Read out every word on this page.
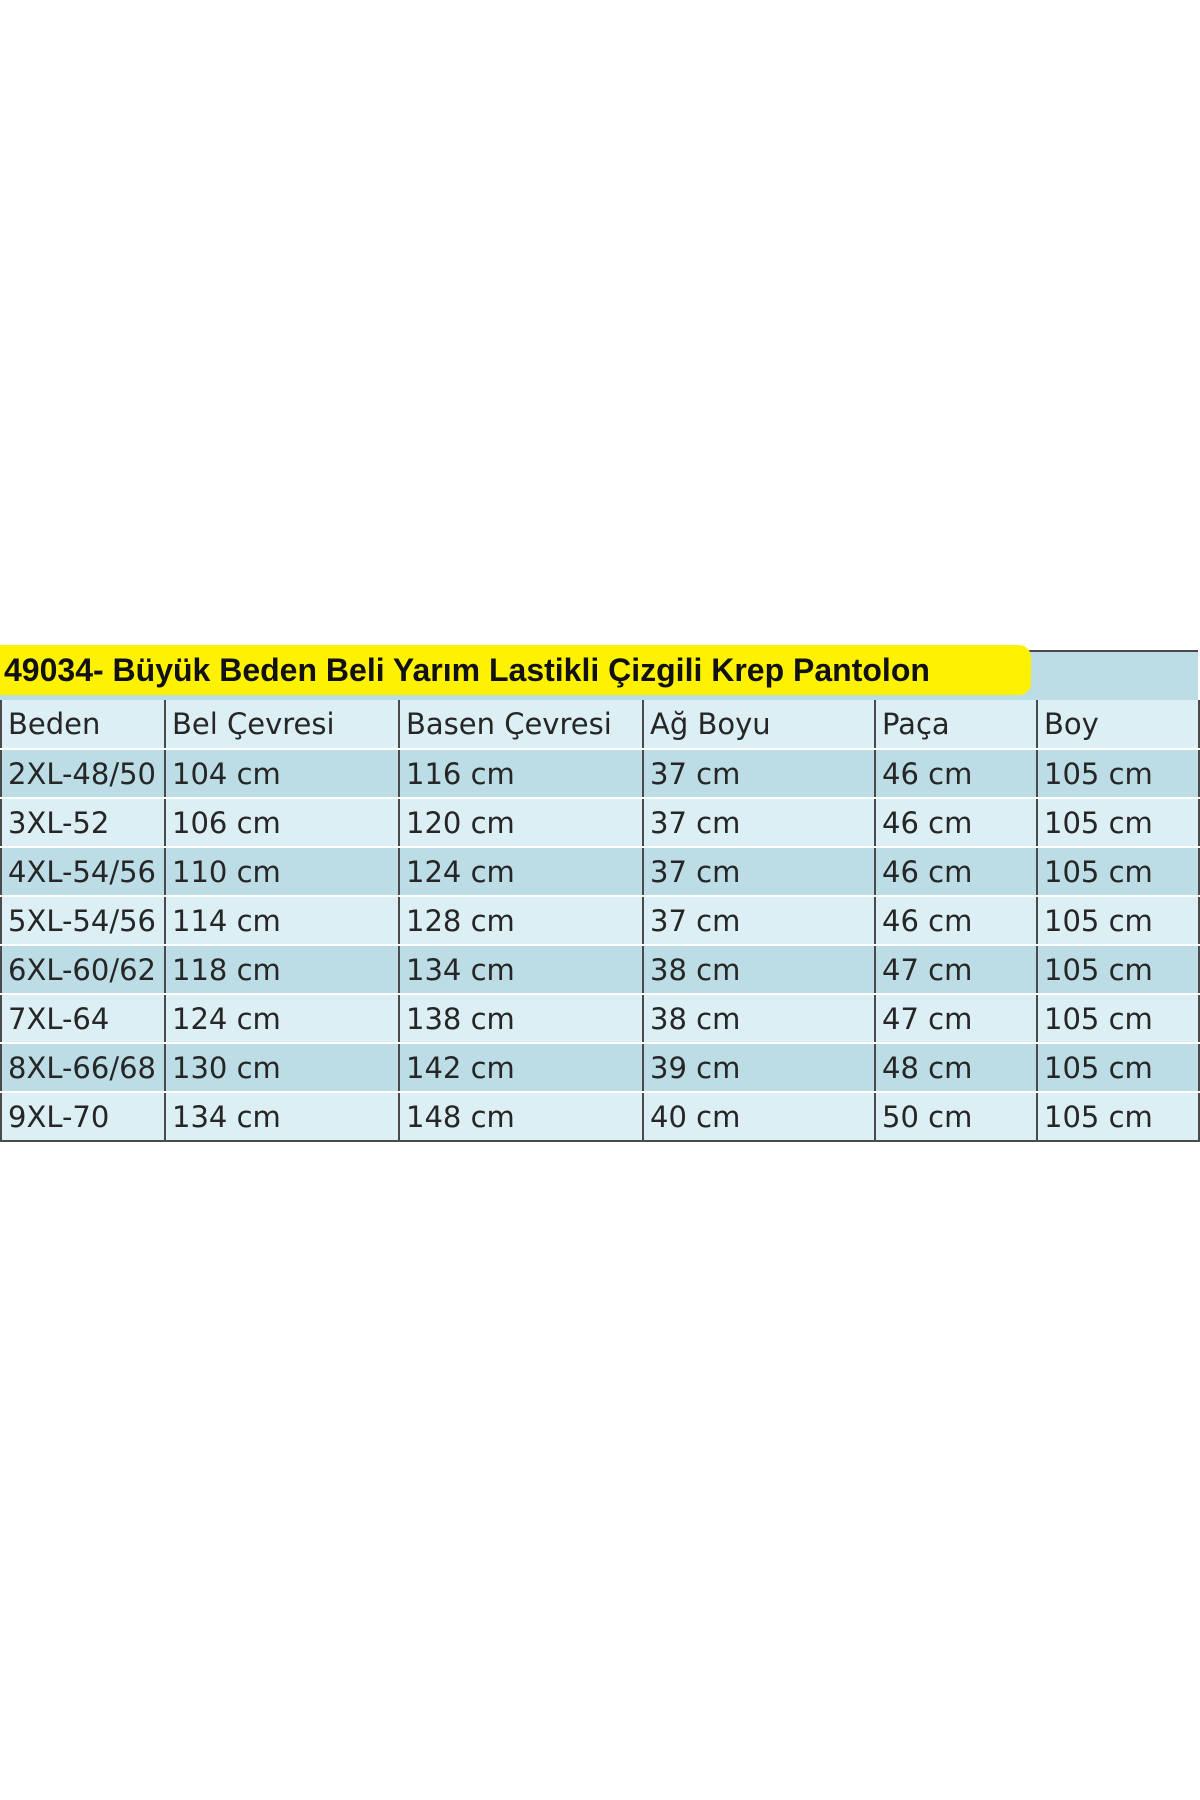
49034- Büyük Beden Beli Yarım Lastikli Çizgili Krep Pantolon
Beden	Bel Çevresi	Basen Çevresi	Ağ Boyu	Paça	Boy
2XL-48/50	104 cm	116 cm	37 cm	46 cm	105 cm
3XL-52	106 cm	120 cm	37 cm	46 cm	105 cm
4XL-54/56	110 cm	124 cm	37 cm	46 cm	105 cm
5XL-54/56	114 cm	128 cm	37 cm	46 cm	105 cm
6XL-60/62	118 cm	134 cm	38 cm	47 cm	105 cm
7XL-64	124 cm	138 cm	38 cm	47 cm	105 cm
8XL-66/68	130 cm	142 cm	39 cm	48 cm	105 cm
9XL-70	134 cm	148 cm	40 cm	50 cm	105 cm
